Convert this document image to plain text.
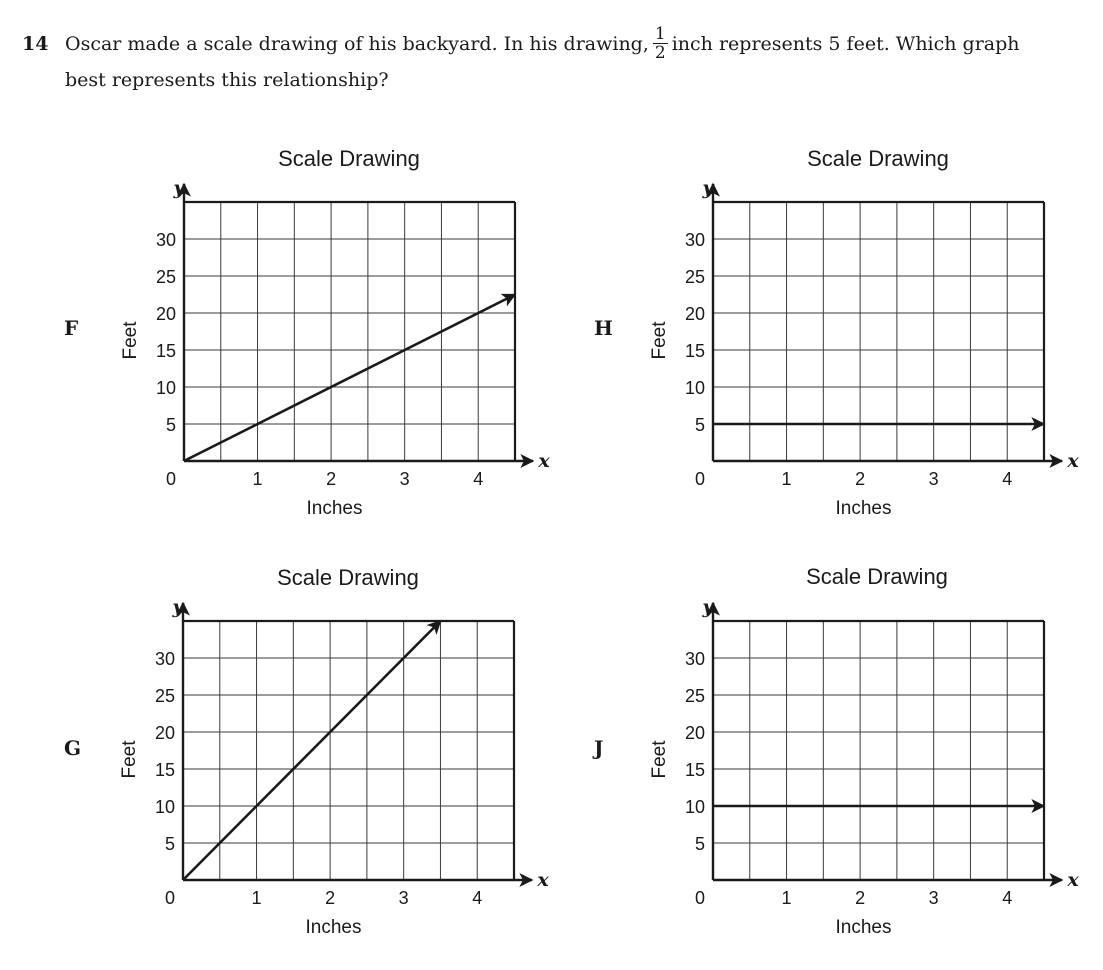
14 Oscar made a scale drawing of his backyard. In his drawing, $\frac{1}{2}$ inch represents 5 feet. Which graph
best represents this relationship?
F
y
x
Scale Drawing
0	1	2	3	4
5
10
15
20
25
30
Inches
Feet	H
y
x
Scale Drawing
0	1	2	3	4
5
10
15
20
25
30
Inches
Feet
G
y
x
Scale Drawing
0	1	2	3	4
5
10
15
20
25
30
Inches
Feet	J
y
x
Scale Drawing
0	1	2	3	4
5
10
15
20
25
30
Inches
Feet
